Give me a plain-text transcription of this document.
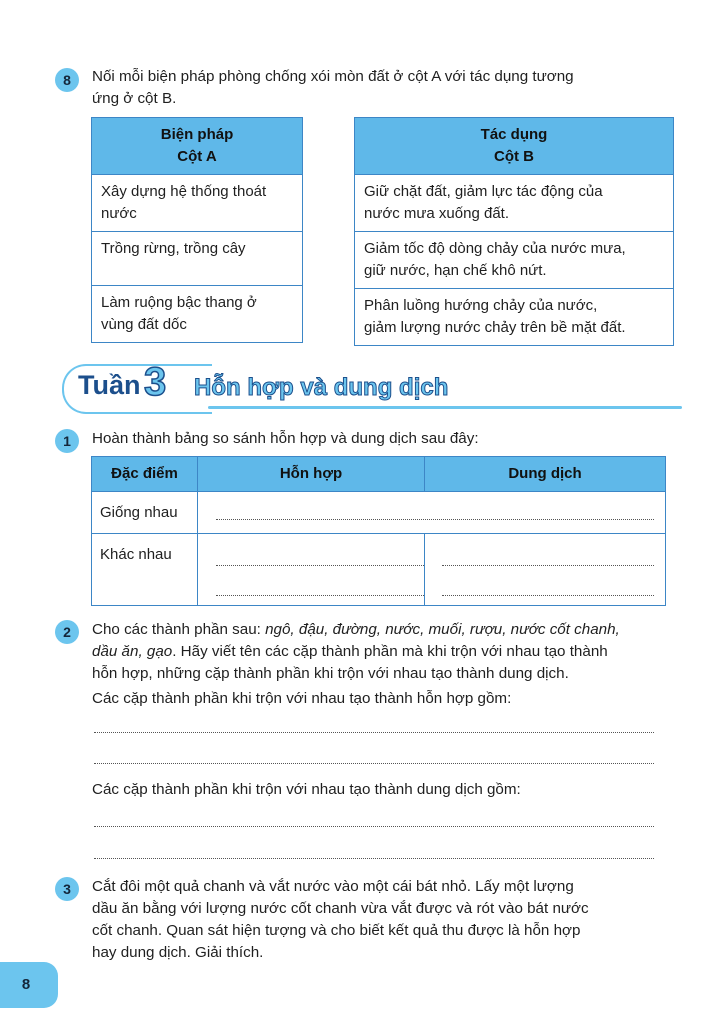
8	Nối mỗi biện pháp phòng chống xói mòn đất ở cột A với tác dụng tương
ứng ở cột B.
Biện pháp
Cột A

Xây dựng hệ thống thoát
nước

Trồng rừng, trồng cây

Làm ruộng bậc thang ở
vùng đất dốc
Tác dụng
Cột B

Giữ chặt đất, giảm lực tác động của
nước mưa xuống đất.

Giảm tốc độ dòng chảy của nước mưa,
giữ nước, hạn chế khô nứt.

Phân luồng hướng chảy của nước,
giảm lượng nước chảy trên bề mặt đất.
Tuần 3 Hỗn hợp và dung dịch
1	Hoàn thành bảng so sánh hỗn hợp và dung dịch sau đây:
Đặc điểm	Hỗn hợp	Dung dịch
Giống nhau		
Khác nhau		
2	Cho các thành phần sau: ngô, đậu, đường, nước, muối, rượu, nước cốt chanh,
dầu ăn, gạo. Hãy viết tên các cặp thành phần mà khi trộn với nhau tạo thành
hỗn hợp, những cặp thành phần khi trộn với nhau tạo thành dung dịch.
Các cặp thành phần khi trộn với nhau tạo thành hỗn hợp gồm:
Các cặp thành phần khi trộn với nhau tạo thành dung dịch gồm:
3	Cắt đôi một quả chanh và vắt nước vào một cái bát nhỏ. Lấy một lượng
dầu ăn bằng với lượng nước cốt chanh vừa vắt được và rót vào bát nước
cốt chanh. Quan sát hiện tượng và cho biết kết quả thu được là hỗn hợp
hay dung dịch. Giải thích.
8
